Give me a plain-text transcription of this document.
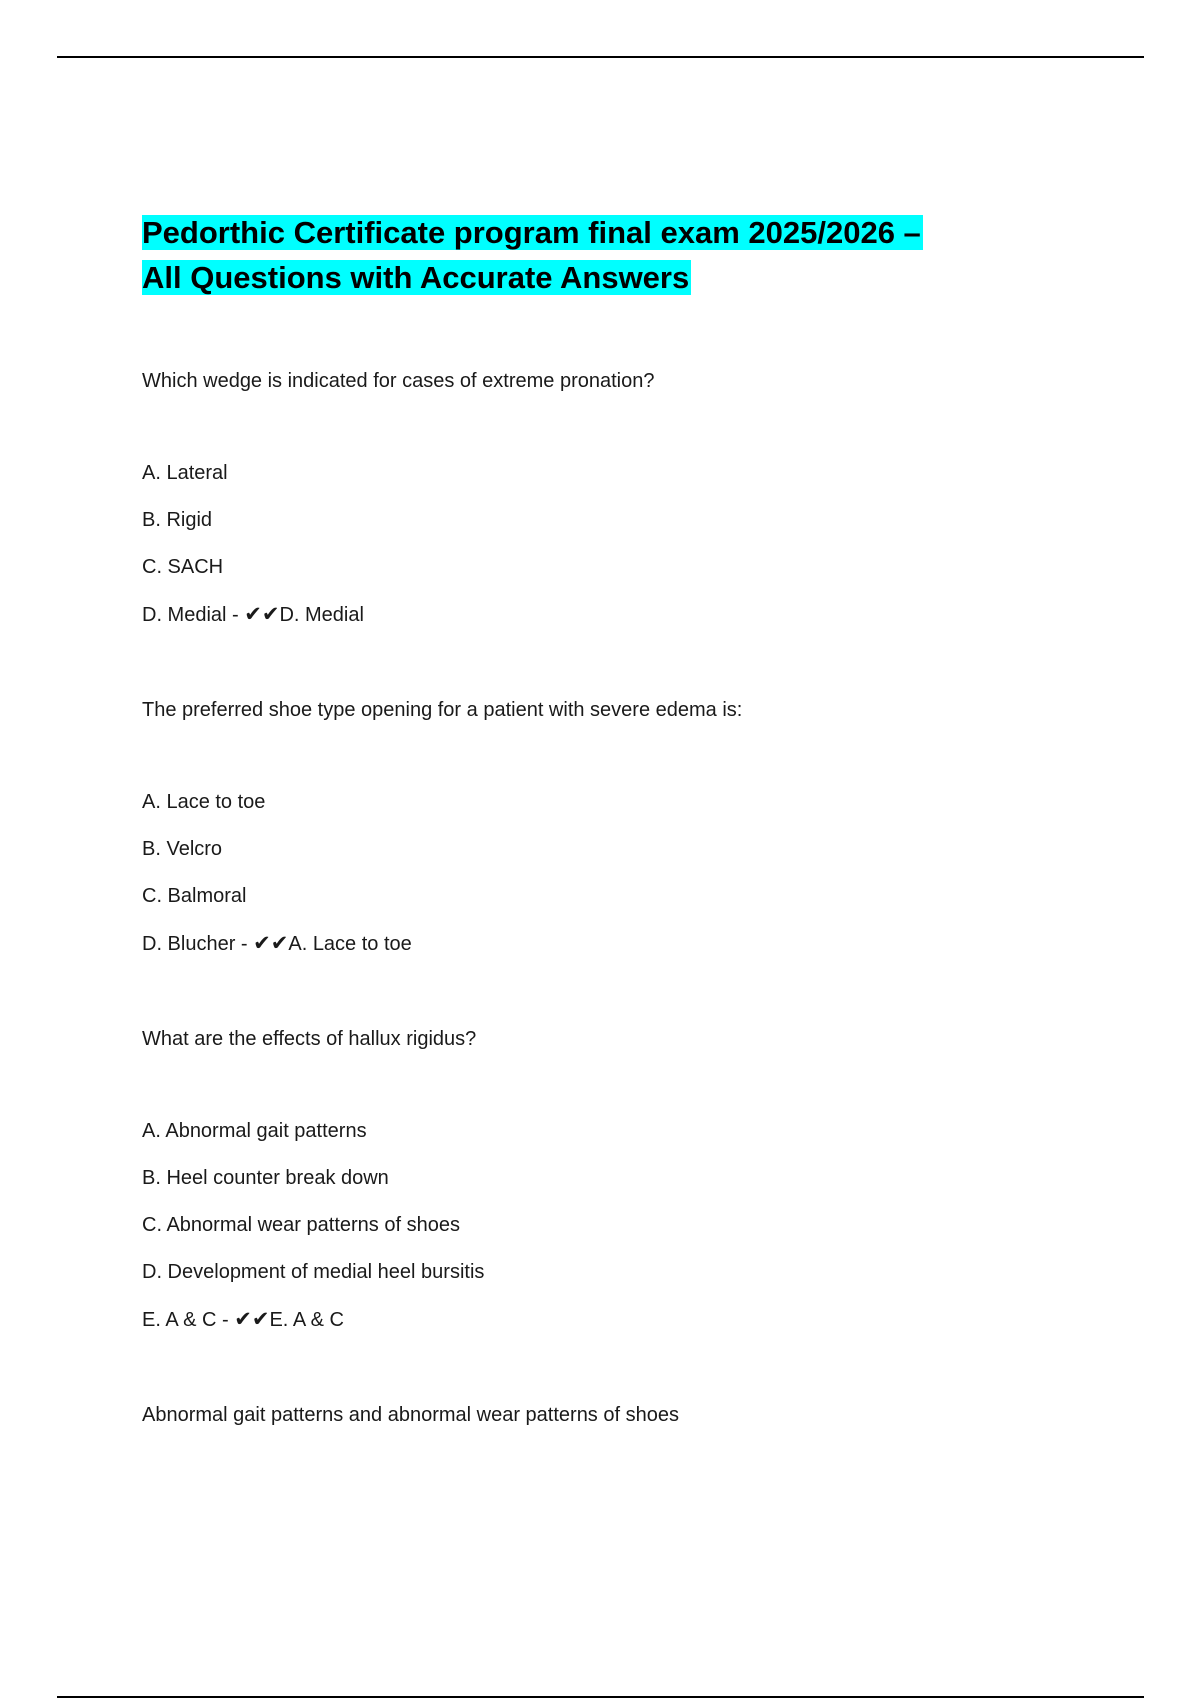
Pedorthic Certificate program final exam 2025/2026 –
All Questions with Accurate Answers
Which wedge is indicated for cases of extreme pronation?
A. Lateral
B. Rigid
C. SACH
D. Medial - ✔✔D. Medial
The preferred shoe type opening for a patient with severe edema is:
A. Lace to toe
B. Velcro
C. Balmoral
D. Blucher - ✔✔A. Lace to toe
What are the effects of hallux rigidus?
A. Abnormal gait patterns
B. Heel counter break down
C. Abnormal wear patterns of shoes
D. Development of medial heel bursitis
E. A & C - ✔✔E. A & C
Abnormal gait patterns and abnormal wear patterns of shoes
